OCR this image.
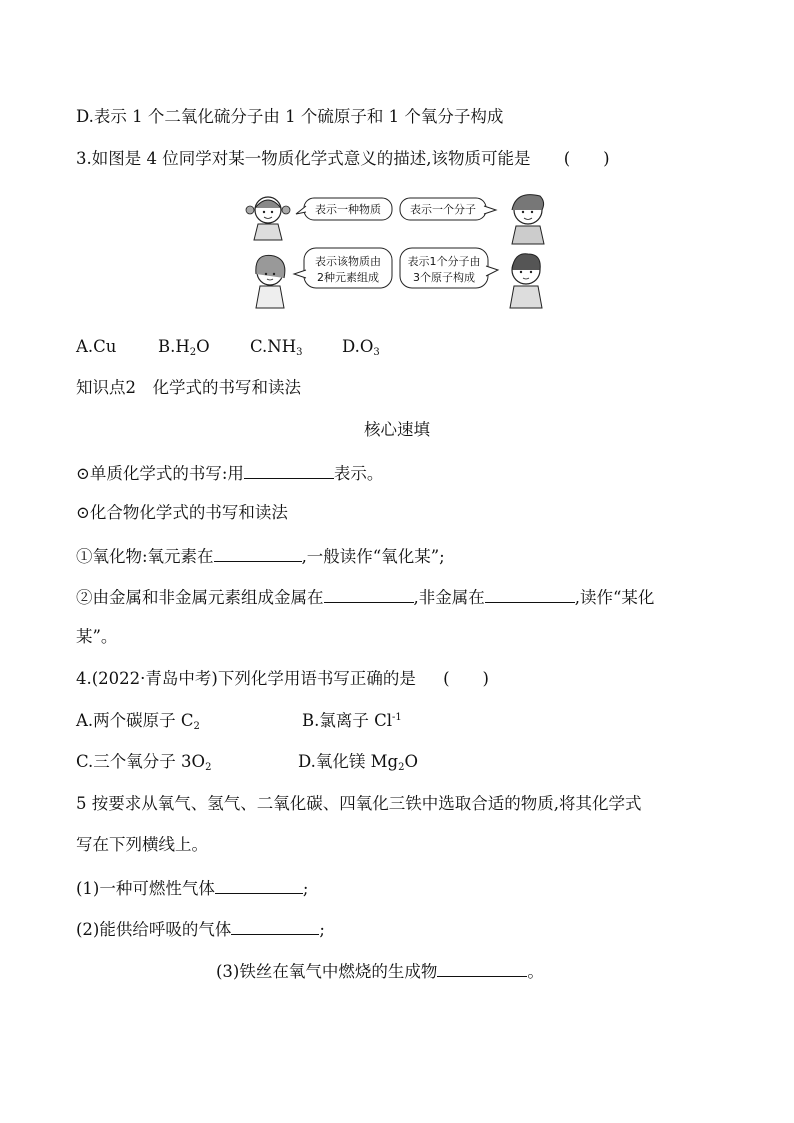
D.表示 1 个二氧化硫分子由 1 个硫原子和 1 个氧分子构成

3.如图是 4 位同学对某一物质化学式意义的描述,该物质可能是 (　　)

表示一种物质	表示一个分子
表示该物质由
2种元素组成
表示1个分子由
3个原子构成

A.Cu	$B.H_2O$ $C.NH_3$ $D.O_3$

知识点2　化学式的书写和读法

核心速填

⊙单质化学式的书写:用	表示。

⊙化合物化学式的书写和读法

①氧化物:氧元素在	,一般读作“氧化某”;

②由金属和非金属元素组成金属在	,非金属在	,读作“某化

某”。

4.(2022·青岛中考)下列化学用语书写正确的是 (　　)

A.两个碳原子 $C_2$	B.氯离子 $Cl^{-1}$

C.三个氧分子 $3O_2$	D.氧化镁 $Mg_2O$

5 按要求从氧气、氢气、二氧化碳、四氧化三铁中选取合适的物质,将其化学式

写在下列横线上。

(1)一种可燃性气体	;

(2)能供给呼吸的气体	;

(3)铁丝在氧气中燃烧的生成物	。
